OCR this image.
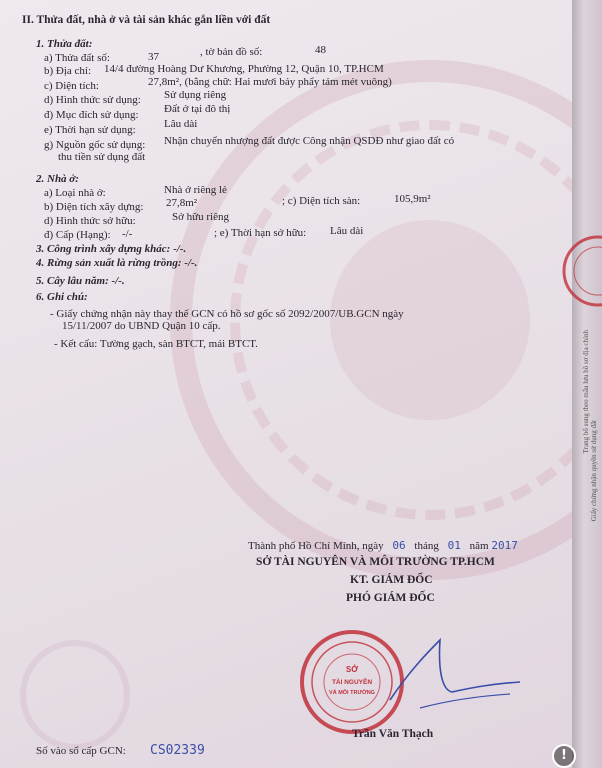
II. Thửa đất, nhà ở và tài sản khác gắn liền với đất
1. Thửa đất:
a) Thửa đất số:	37	, tờ bản đồ số:	48
b) Địa chỉ: 14/4 đường Hoàng Dư Khương, Phường 12, Quận 10, TP.HCM
c) Diện tích:	27,8m², (bằng chữ: Hai mươi bảy phẩy tám mét vuông)
d) Hình thức sử dụng: Sử dụng riêng
đ) Mục đích sử dụng: Đất ở tại đô thị
e) Thời hạn sử dụng:	Lâu dài
g) Nguồn gốc sử dụng: Nhận chuyển nhượng đất được Công nhận QSDĐ như giao đất có
thu tiền sử dụng đất
2. Nhà ở:
a) Loại nhà ở:	Nhà ở riêng lẻ
b) Diện tích xây dựng: 27,8m²	; c) Diện tích sàn:	105,9m²
d) Hình thức sở hữu:	Sở hữu riêng
đ) Cấp (Hạng): -/-	; e) Thời hạn sở hữu: Lâu dài
3. Công trình xây dựng khác: -/-.
4. Rừng sản xuất là rừng trồng: -/-.
5. Cây lâu năm: -/-.
6. Ghi chú:
- Giấy chứng nhận này thay thế GCN có hồ sơ gốc số 2092/2007/UB.GCN ngày
15/11/2007 do UBND Quận 10 cấp.
- Kết cấu: Tường gạch, sàn BTCT, mái BTCT.
Thành phố Hồ Chí Minh, ngày 06 tháng 01 năm 2017
SỞ TÀI NGUYÊN VÀ MÔI TRƯỜNG TP.HCM
KT. GIÁM ĐỐC
PHÓ GIÁM ĐỐC
SỞ
TÀI NGUYÊN
VÀ MÔI TRƯỜNG
Trần Văn Thạch
Số vào sổ cấp GCN: CS02339
Trang bổ sung theo mẫu lưu hồ sơ địa chính
Giấy chứng nhận quyền sử dụng đất
!
